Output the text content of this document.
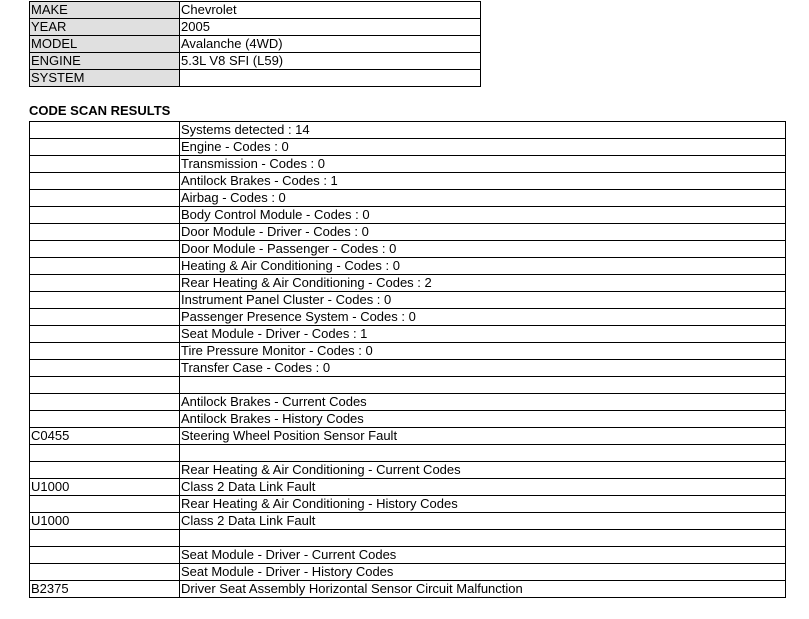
MAKE	Chevrolet
YEAR	2005
MODEL	Avalanche (4WD)
ENGINE	5.3L V8 SFI (L59)
SYSTEM	
CODE SCAN RESULTS
	Systems detected : 14
	Engine - Codes : 0
	Transmission - Codes : 0
	Antilock Brakes - Codes : 1
	Airbag - Codes : 0
	Body Control Module - Codes : 0
	Door Module - Driver - Codes : 0
	Door Module - Passenger - Codes : 0
	Heating & Air Conditioning - Codes : 0
	Rear Heating & Air Conditioning - Codes : 2
	Instrument Panel Cluster - Codes : 0
	Passenger Presence System - Codes : 0
	Seat Module - Driver - Codes : 1
	Tire Pressure Monitor - Codes : 0
	Transfer Case - Codes : 0

	Antilock Brakes - Current Codes
	Antilock Brakes - History Codes
C0455	Steering Wheel Position Sensor Fault

	Rear Heating & Air Conditioning - Current Codes
U1000	Class 2 Data Link Fault
	Rear Heating & Air Conditioning - History Codes
U1000	Class 2 Data Link Fault

	Seat Module - Driver - Current Codes
	Seat Module - Driver - History Codes
B2375	Driver Seat Assembly Horizontal Sensor Circuit Malfunction
